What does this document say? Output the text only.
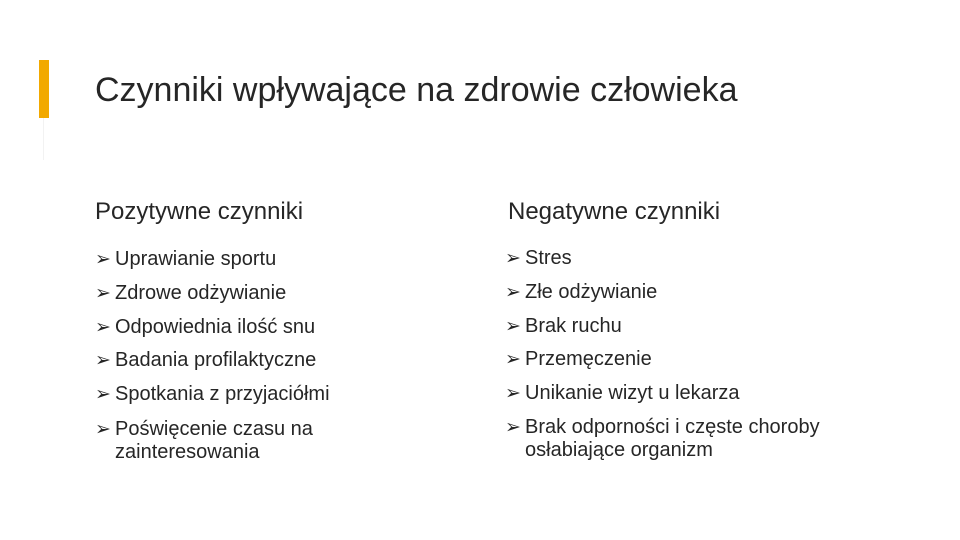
Czynniki wpływające na zdrowie człowieka
Pozytywne czynniki
➢ Uprawianie sportu
➢ Zdrowe odżywianie
➢ Odpowiednia ilość snu
➢ Badania profilaktyczne
➢ Spotkania z przyjaciółmi
➢ Poświęcenie czasu na
zainteresowania
Negatywne czynniki
➢ Stres
➢ Złe odżywianie
➢ Brak ruchu
➢ Przemęczenie
➢ Unikanie wizyt u lekarza
➢ Brak odporności i częste choroby
osłabiające organizm
